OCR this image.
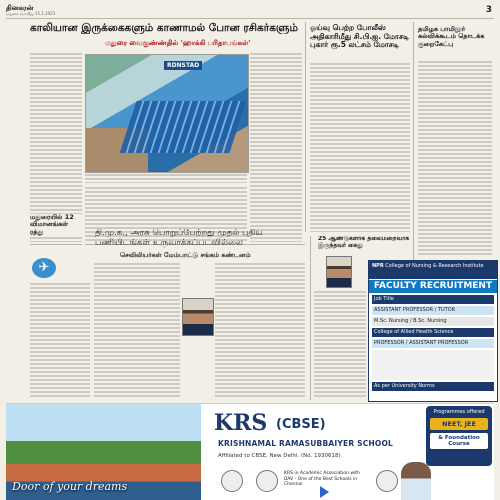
தினகரன்
மதுரை ஞாயிறு 15.1.2023	3
காலியான இருக்கைகளும் காணாமல் போன ரசிகர்களும்
மதுரை வைகுண்ண்தில் 'ஹாக்கி பரிதாபங்கள்'
RDNSTAD
ஓய்வு பெற்ற போலீஸ் அதிகாரிமீது சி.பி.ஐ. மோசடி புகார் ரூ.5 லட்சம் மோசடி
தமிழக பாமிநூர் கல்விக்கூடம் தொடக்க குறைகேட்பு
மதுரையில் 12 விமானங்கள் ரத்து
✈
தி.மு.க., அரசு பொறுப்பேற்றது முதல் புதிய பணியிடங்கள் உருவாக்கப்படவில்லை
செவிலியர்கள் மேம்பாட்டு சங்கம் கண்டனம்
25 ஆண்டுகளாக தலைமறைவாக இருந்தவர் கைது
NPR College of Nursing & Research Institute
FACULTY RECRUITMENT
Job Title
ASSISTANT PROFESSOR / TUTOR
M.Sc. Nursing / B.Sc. Nursing
College of Allied Health Science
PROFESSOR / ASSISTANT PROFESSOR
As per University Norms
Door of your dreams
KRS (CBSE)
KRISHNAMAL RAMASUBBAIYER SCHOOL
Affiliated to CBSE, New Delhi. (No. 1930618)
KRS in Academic Association with DAV - One of the Best Schools in Chennai
Programmes offered
NEET, JEE
& Foundation Course
